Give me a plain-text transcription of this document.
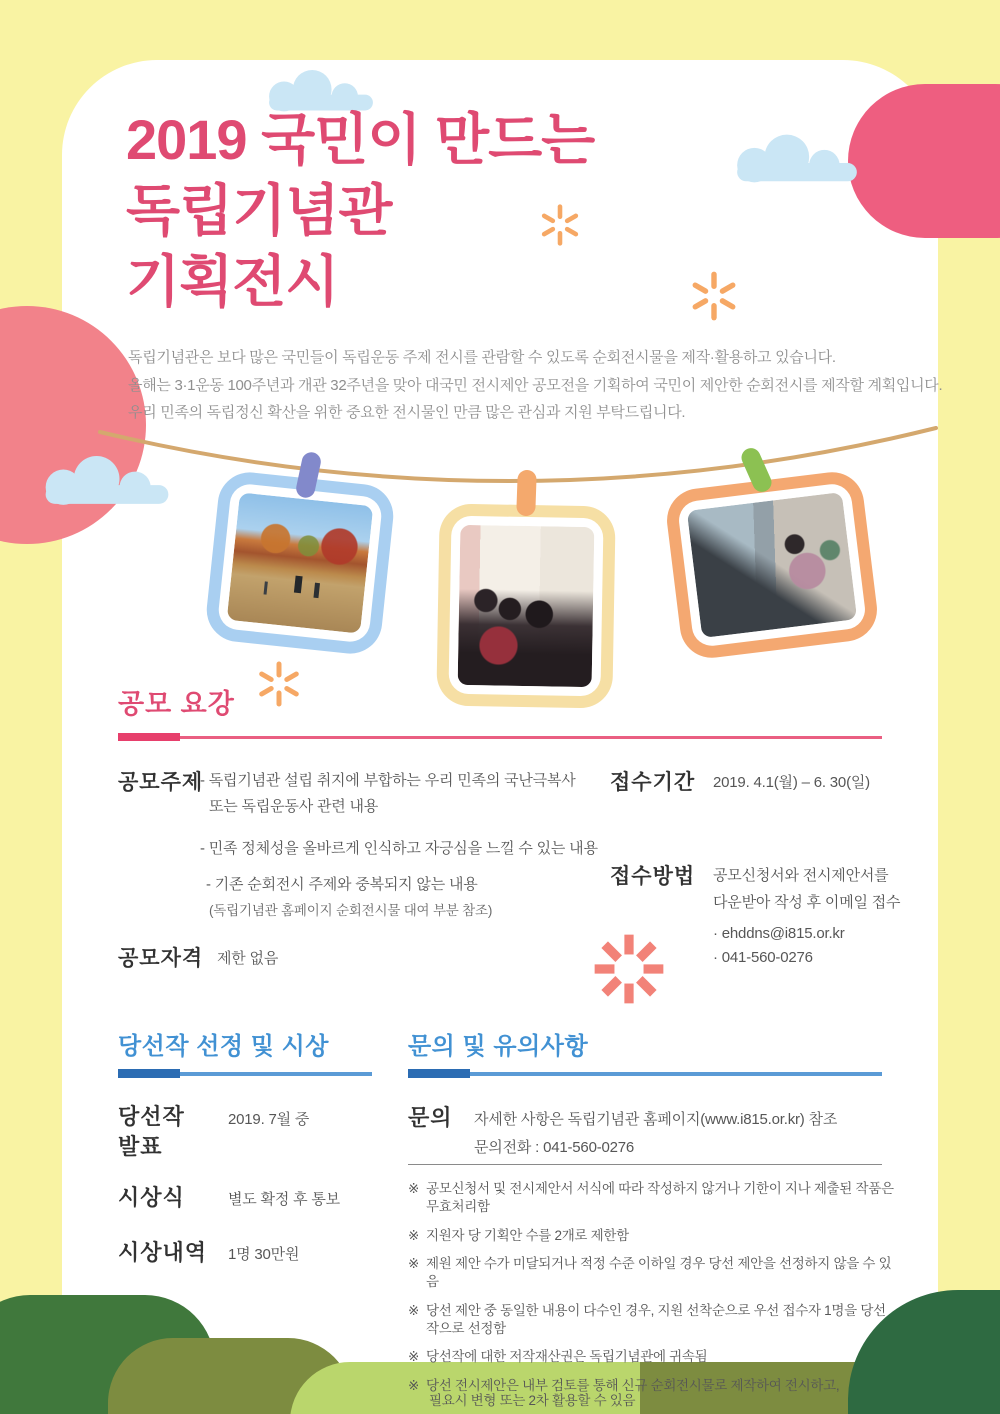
2019 국민이 만드는
독립기념관
기획전시
독립기념관은 보다 많은 국민들이 독립운동 주제 전시를 관람할 수 있도록 순회전시물을 제작·활용하고 있습니다.
올해는 3·1운동 100주년과 개관 32주년을 맞아 대국민 전시제안 공모전을 기획하여 국민이 제안한 순회전시를 제작할 계획입니다.
우리 민족의 독립정신 확산을 위한 중요한 전시물인 만큼 많은 관심과 지원 부탁드립니다.
공모 요강
공모주제
- 독립기념관 설립 취지에 부합하는 우리 민족의 국난극복사
또는 독립운동사 관련 내용
- 민족 정체성을 올바르게 인식하고 자긍심을 느낄 수 있는 내용
- 기존 순회전시 주제와 중복되지 않는 내용
(독립기념관 홈페이지 순회전시물 대여 부분 참조)
접수기간 2019. 4.1(월) – 6. 30(일)
접수방법 공모신청서와 전시제안서를
다운받아 작성 후 이메일 접수
· ehddns@i815.or.kr
· 041-560-0276
공모자격 제한 없음
당선작 선정 및 시상	문의 및 유의사항
당선작
발표
2019. 7월 중
시상식	별도 확정 후 통보
시상내역 1명 30만원
문의 자세한 사항은 독립기념관 홈페이지(www.i815.or.kr) 참조
문의전화 : 041-560-0276
※ 공모신청서 및 전시제안서 서식에 따라 작성하지 않거나 기한이 지나 제출된 작품은 무효처리함
※ 지원자 당 기획안 수를 2개로 제한함
※ 제원 제안 수가 미달되거나 적정 수준 이하일 경우 당선 제안을 선정하지 않을 수 있음
※ 당선 제안 중 동일한 내용이 다수인 경우, 지원 선착순으로 우선 접수자 1명을 당선작으로 선정함
※ 당선작에 대한 저작재산권은 독립기념관에 귀속됨
※ 당선 전시제안은 내부 검토를 통해 신규 순회전시물로 제작하여 전시하고,
필요시 변형 또는 2차 활용할 수 있음
